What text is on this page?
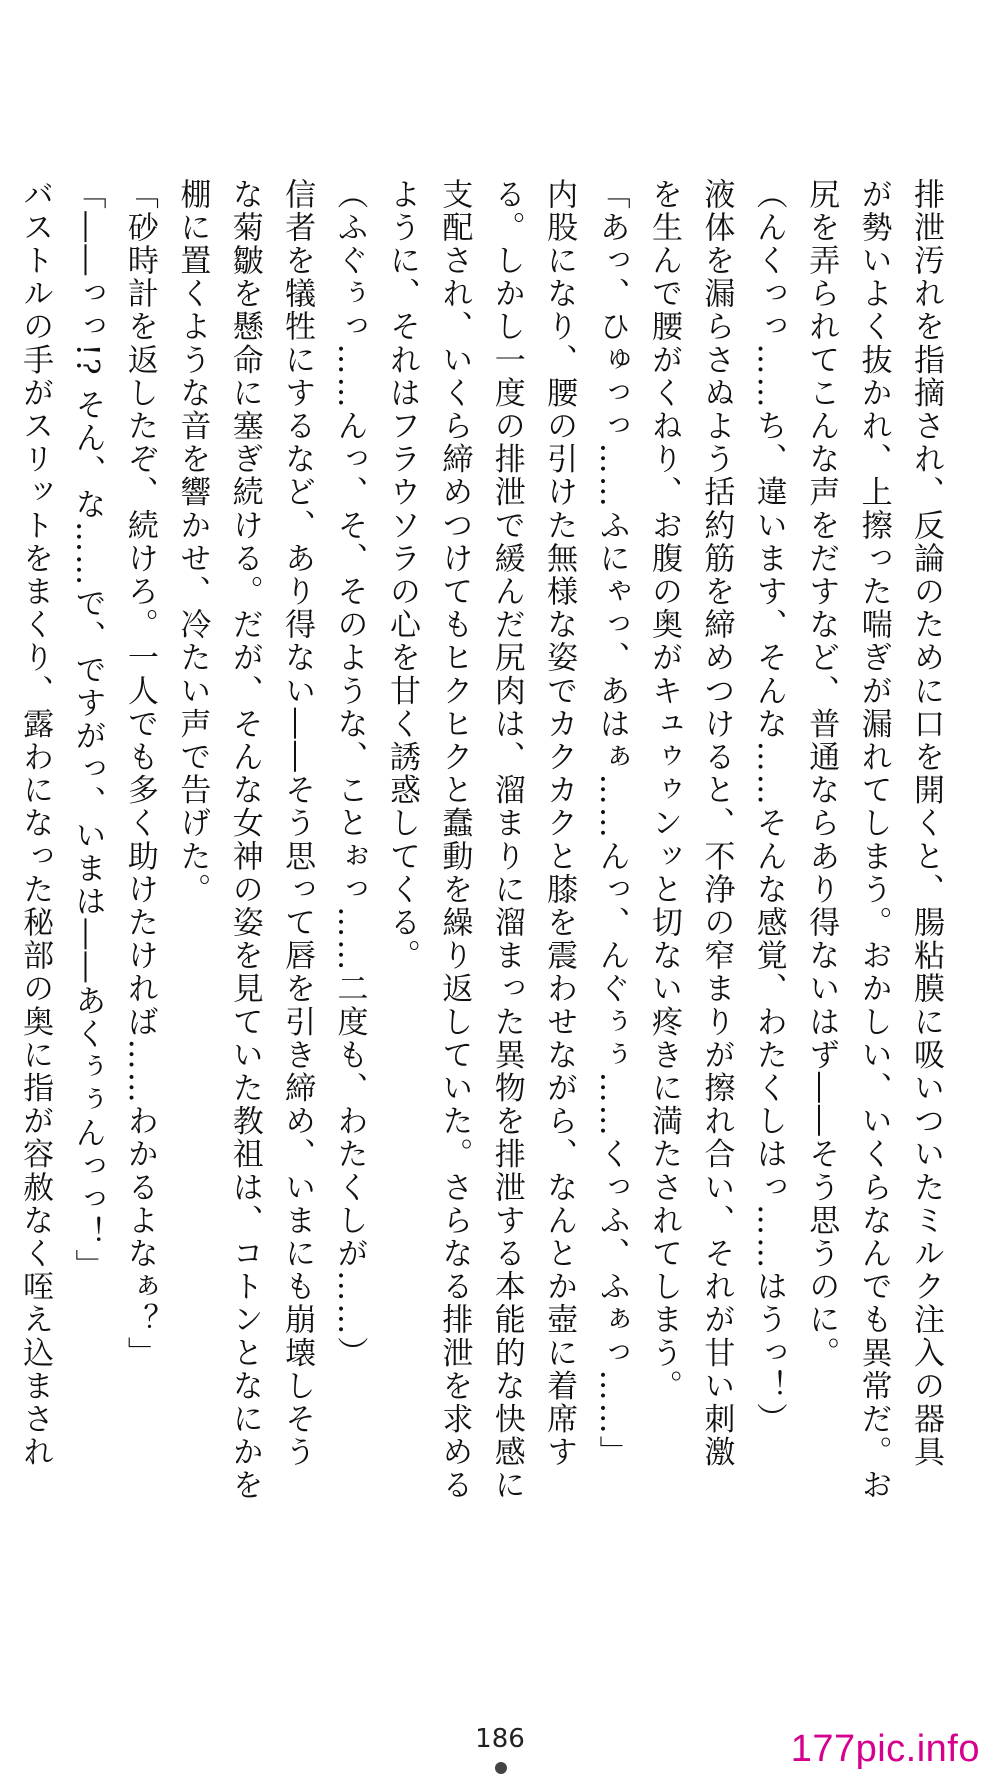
排泄汚れを指摘され、反論のために口を開くと、腸粘膜に吸いついたミルク注入の器具
が勢いよく抜かれ、上擦った喘ぎが漏れてしまう。おかしい、いくらなんでも異常だ。お
尻を弄られてこんな声をだすなど、普通ならあり得ないはず――そう思うのに。
（んくっっ……ち、違います、そんな……そんな感覚、わたくしはっ……はうっ！）
液体を漏らさぬよう括約筋を締めつけると、不浄の窄まりが擦れ合い、それが甘い刺激
を生んで腰がくねり、お腹の奥がキュゥゥンッと切ない疼きに満たされてしまう。
「あっ、ひゅっっ……ふにゃっ、あはぁ……んっ、んぐぅぅ……くっふ、ふぁっ……」
内股になり、腰の引けた無様な姿でカクカクと膝を震わせながら、なんとか壺に着席す
る。しかし一度の排泄で緩んだ尻肉は、溜まりに溜まった異物を排泄する本能的な快感に
支配され、いくら締めつけてもヒクヒクと蠢動を繰り返していた。さらなる排泄を求める
ように、それはフラウソラの心を甘く誘惑してくる。
（ふぐぅっ……んっ、そ、そのような、ことぉっ……二度も、わたくしが……）
信者を犠牲にするなど、あり得ない――そう思って唇を引き締め、いまにも崩壊しそう
な菊皺を懸命に塞ぎ続ける。だが、そんな女神の姿を見ていた教祖は、コトンとなにかを
棚に置くような音を響かせ、冷たい声で告げた。
「砂時計を返したぞ、続けろ。一人でも多く助けたければ……わかるよなぁ？」
「――っっ!? そん、な……で、ですがっ、いまは――あくぅぅんっっ！」
バストルの手がスリットをまくり、露わになった秘部の奥に指が容赦なく咥え込まされ
186	177pic.info
